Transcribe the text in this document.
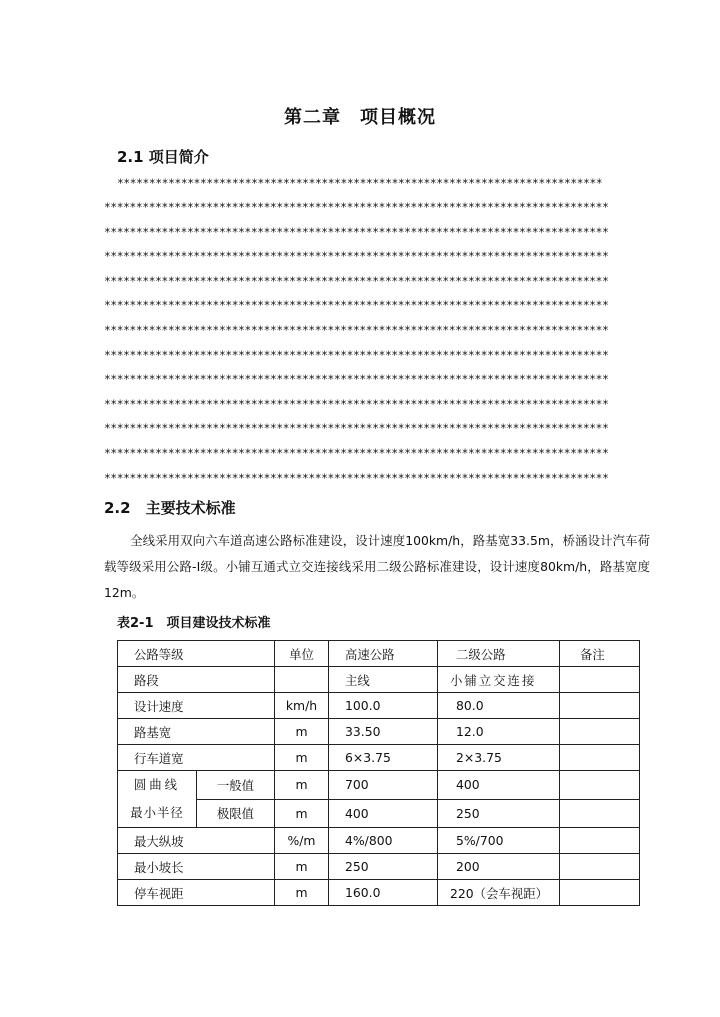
第二章　项目概况
2.1 项目简介
****************************************************************************
*******************************************************************************
*******************************************************************************
*******************************************************************************
*******************************************************************************
*******************************************************************************
*******************************************************************************
*******************************************************************************
*******************************************************************************
*******************************************************************************
*******************************************************************************
*******************************************************************************
*******************************************************************************
2.2　主要技术标准
全线采用双向六车道高速公路标准建设，设计速度100km/h，路基宽33.5m，桥涵设计汽车荷载等级采用公路-Ⅰ级。小铺互通式立交连接线采用二级公路标准建设，设计速度80km/h，路基宽度12m。
表2-1　项目建设技术标准
公路等级		单位	高速公路	二级公路	备注
路段			主线	小铺立交连接	
设计速度		km/h	100.0	80.0	
路基宽		m	33.50	12.0	
行车道宽		m	6×3.75	2×3.75	
圆曲线
最小半径	一般值	m	700	400	
	极限值	m	400	250	
最大纵坡		%/m	4%/800	5%/700	
最小坡长		m	250	200	
停车视距		m	160.0	220（会车视距）	
